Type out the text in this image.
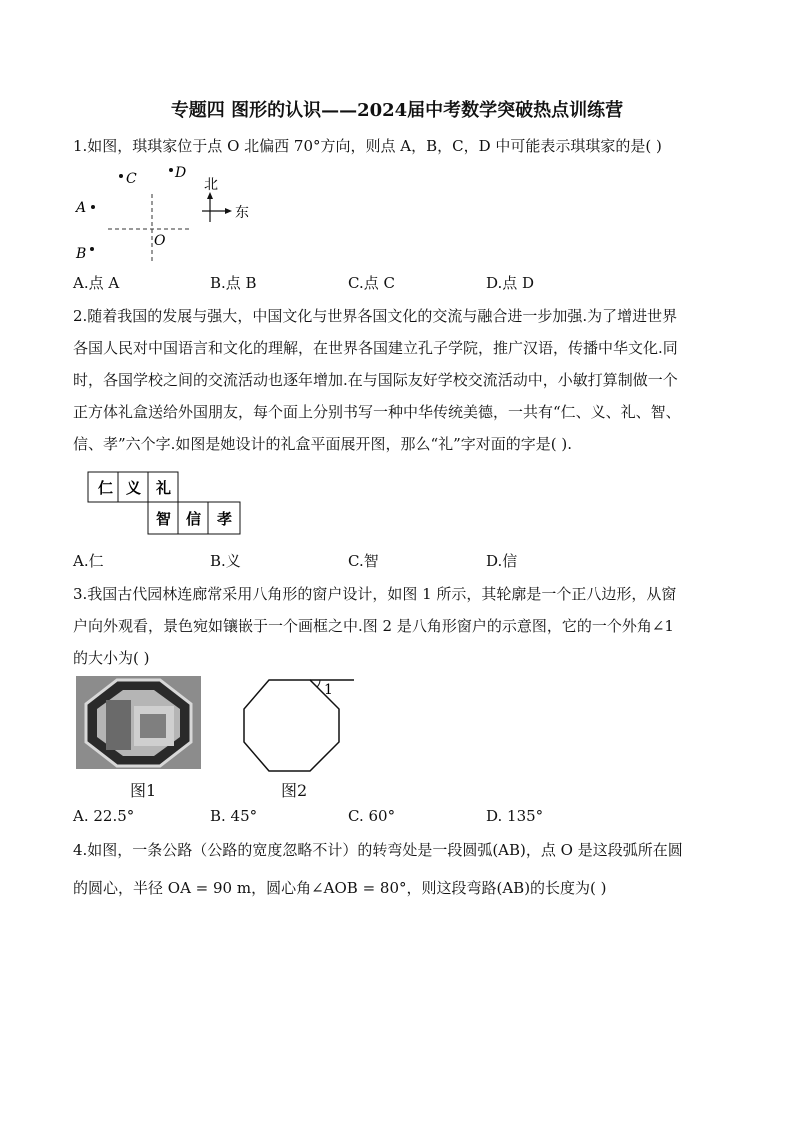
专题四 图形的认识——2024届中考数学突破热点训练营
1.如图，琪琪家位于点 O 北偏西 70°方向，则点 A，B，C，D 中可能表示琪琪家的是( )
C	D
A
B
O
北
东
A.点 A	B.点 B	C.点 C	D.点 D
2.随着我国的发展与强大，中国文化与世界各国文化的交流与融合进一步加强.为了增进世界
各国人民对中国语言和文化的理解，在世界各国建立孔子学院，推广汉语，传播中华文化.同
时，各国学校之间的交流活动也逐年增加.在与国际友好学校交流活动中，小敏打算制做一个
正方体礼盒送给外国朋友，每个面上分别书写一种中华传统美德，一共有“仁、义、礼、智、
信、孝”六个字.如图是她设计的礼盒平面展开图，那么“礼”字对面的字是( ).
仁 义 礼
智 信 孝
A.仁	B.义	C.智	D.信
3.我国古代园林连廊常采用八角形的窗户设计，如图 1 所示，其轮廓是一个正八边形，从窗
户向外观看，景色宛如镶嵌于一个画框之中.图 2 是八角形窗户的示意图，它的一个外角∠1
的大小为( )
1
图1	图2
A. 22.5°	B. 45°	C. 60°	D. 135°
4.如图，一条公路（公路的宽度忽略不计）的转弯处是一段圆弧(AB)，点 O 是这段弧所在圆
的圆心，半径 OA = 90 m，圆心角∠AOB = 80°，则这段弯路(AB)的长度为( )
